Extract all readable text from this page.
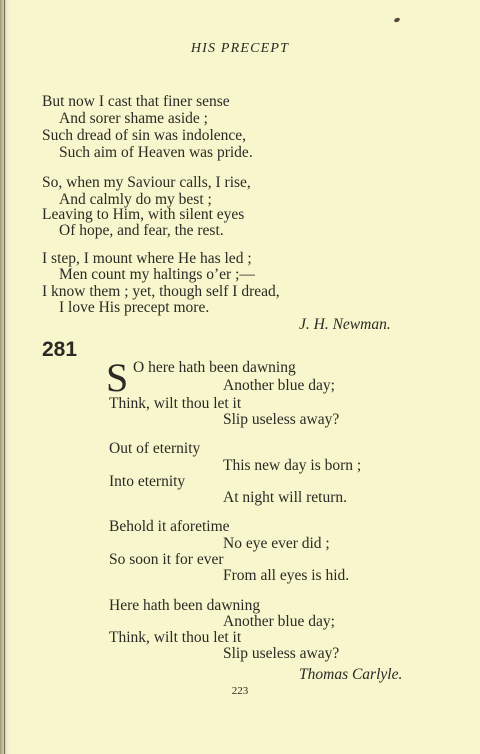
HIS PRECEPT
But now I cast that finer sense
And sorer shame aside ;
Such dread of sin was indolence,
Such aim of Heaven was pride.
So, when my Saviour calls, I rise,
And calmly do my best ;
Leaving to Him, with silent eyes
Of hope, and fear, the rest.
I step, I mount where He has led ;
Men count my haltings o’er ;—
I know them ; yet, though self I dread,
I love His precept more.
J. H. Newman.
281
S O here hath been dawning
Another blue day;
Think, wilt thou let it
Slip useless away?
Out of eternity
This new day is born ;
Into eternity
At night will return.
Behold it aforetime
No eye ever did ;
So soon it for ever
From all eyes is hid.
Here hath been dawning
Another blue day;
Think, wilt thou let it
Slip useless away?
Thomas Carlyle.
223
